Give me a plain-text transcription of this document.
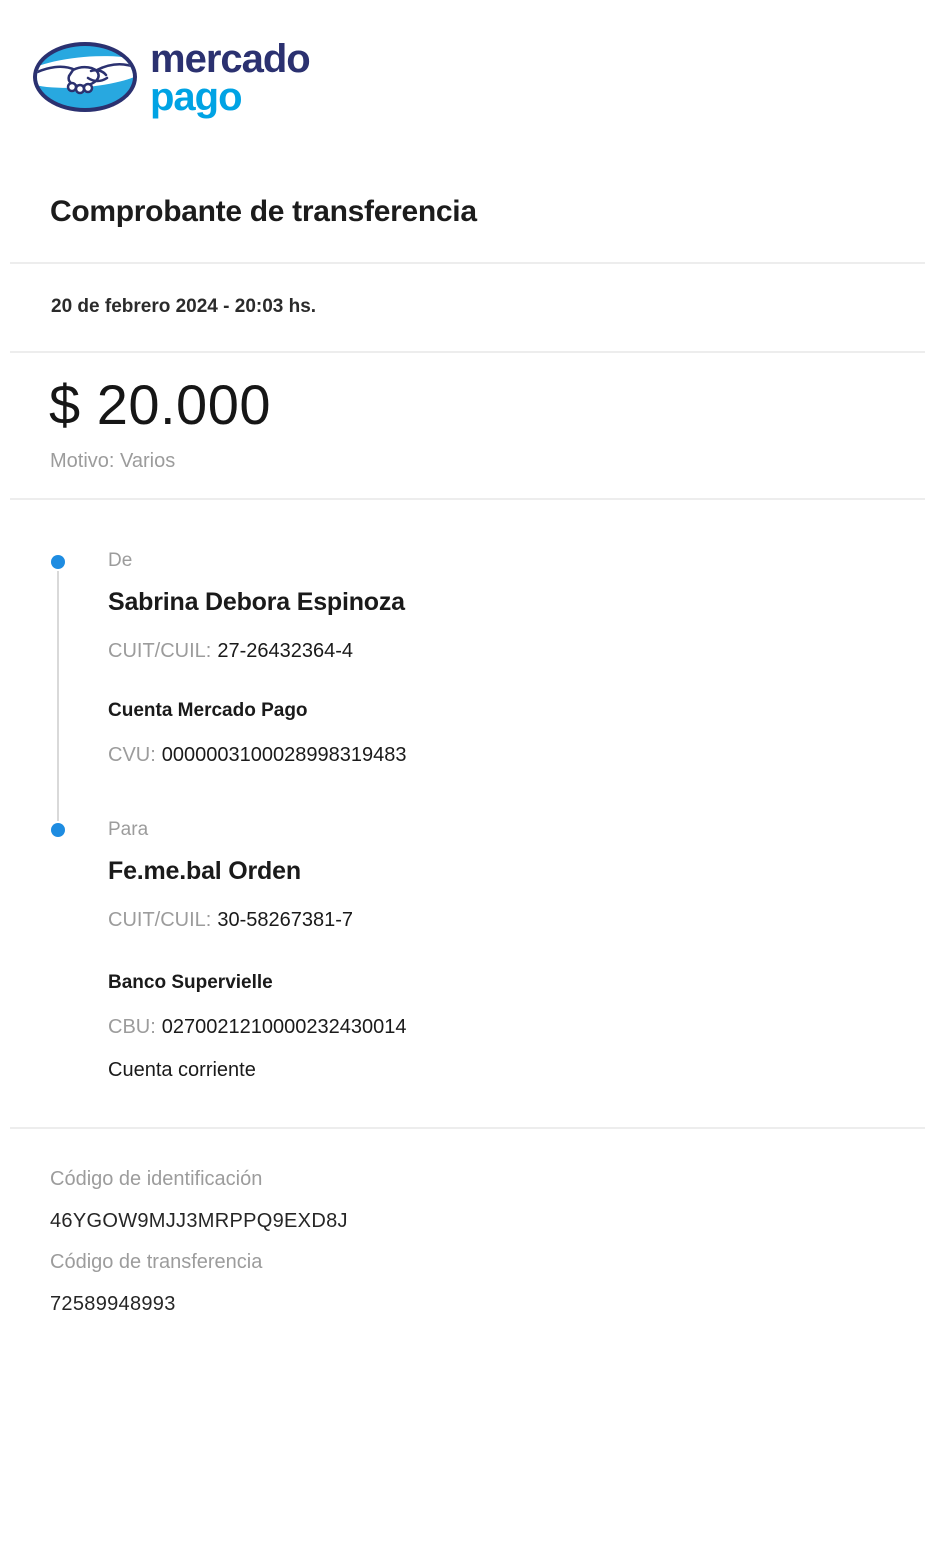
mercado
pago
Comprobante de transferencia
20 de febrero 2024 - 20:03 hs.
$ 20.000
Motivo: Varios
De
Sabrina Debora Espinoza
CUIT/CUIL: 27-26432364-4
Cuenta Mercado Pago
CVU: 0000003100028998319483
Para
Fe.me.bal Orden
CUIT/CUIL: 30-58267381-7
Banco Supervielle
CBU: 0270021210000232430014
Cuenta corriente
Código de identificación
46YGOW9MJJ3MRPPQ9EXD8J
Código de transferencia
72589948993
